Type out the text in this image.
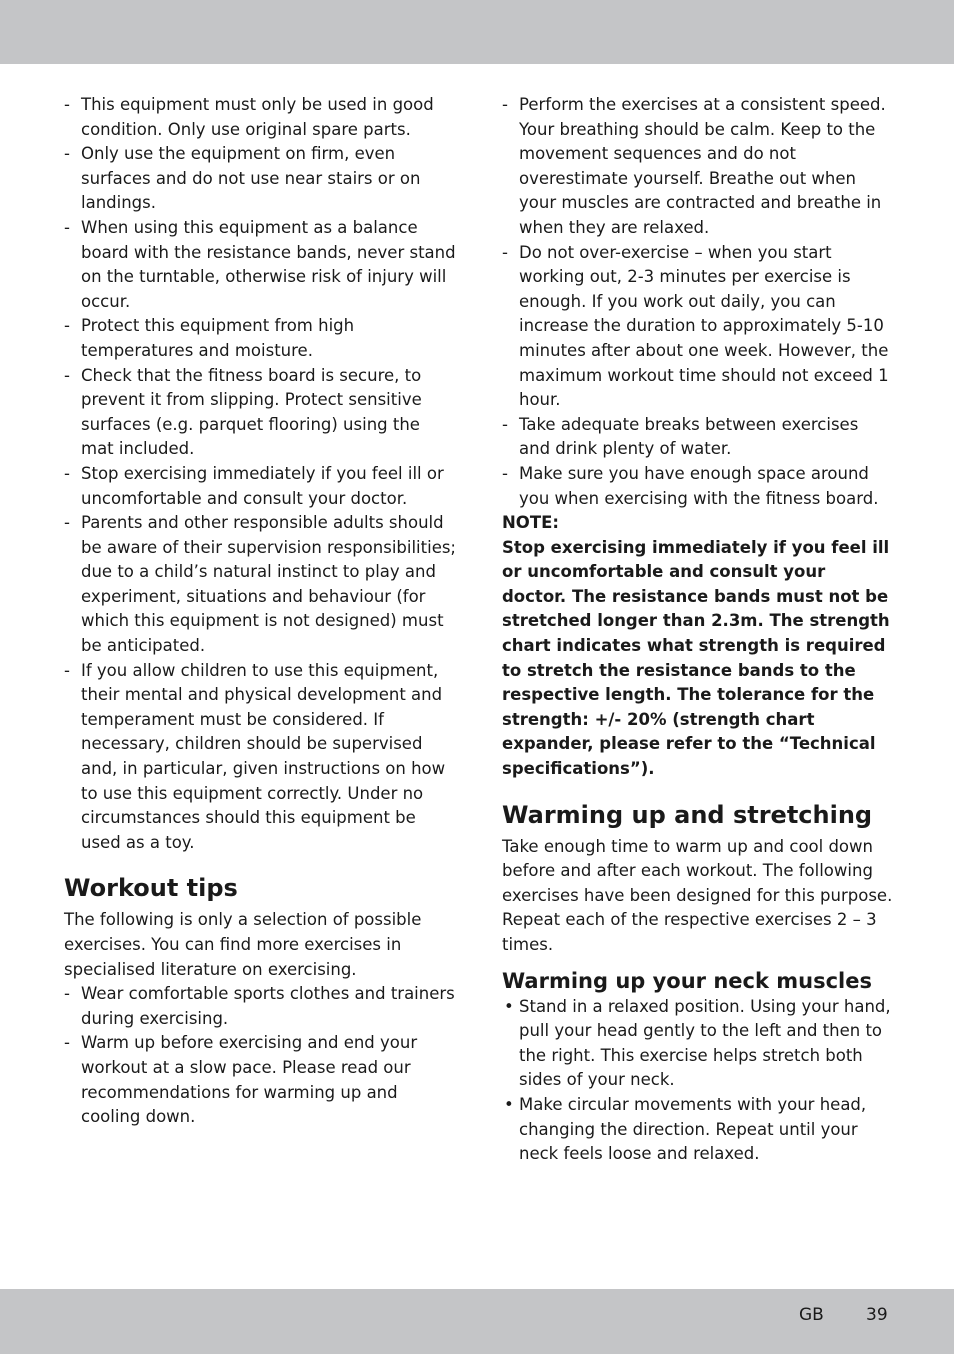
- This equipment must only be used in good condition. Only use original spare parts.
- Only use the equipment on firm, even surfaces and do not use near stairs or on landings.
- When using this equipment as a balance board with the resistance bands, never stand on the turntable, otherwise risk of injury will occur.
- Protect this equipment from high temperatures and moisture.
- Check that the fitness board is secure, to prevent it from slipping. Protect sensitive surfaces (e.g. parquet flooring) using the mat included.
- Stop exercising immediately if you feel ill or uncomfortable and consult your doctor.
- Parents and other responsible adults should be aware of their supervision responsibilities; due to a child’s natural instinct to play and experiment, situations and behaviour (for which this equipment is not designed) must be anticipated.
- If you allow children to use this equipment, their mental and physical development and temperament must be considered. If necessary, children should be supervised and, in particular, given instructions on how to use this equipment correctly. Under no circumstances should this equipment be used as a toy.
Workout tips

The following is only a selection of possible exercises. You can find more exercises in specialised literature on exercising.

- Wear comfortable sports clothes and trainers during exercising.
- Warm up before exercising and end your workout at a slow pace. Please read our recommendations for warming up and cooling down.
- Perform the exercises at a consistent speed. Your breathing should be calm. Keep to the movement sequences and do not overestimate yourself. Breathe out when your muscles are contracted and breathe in when they are relaxed.
- Do not over-exercise – when you start working out, 2-3 minutes per exercise is enough. If you work out daily, you can increase the duration to approximately 5-10 minutes after about one week. However, the maximum workout time should not exceed 1 hour.
- Take adequate breaks between exercises and drink plenty of water.
- Make sure you have enough space around you when exercising with the fitness board.

NOTE:

Stop exercising immediately if you feel ill or uncomfortable and consult your doctor. The resistance bands must not be stretched longer than 2.3m. The strength chart indicates what strength is required to stretch the resistance bands to the respective length. The tolerance for the strength: +/- 20% (strength chart expander, please refer to the “Technical specifications”).

Warming up and stretching

Take enough time to warm up and cool down before and after each workout. The following exercises have been designed for this purpose. Repeat each of the respective exercises 2 – 3 times.

Warming up your neck muscles
• Stand in a relaxed position. Using your hand, pull your head gently to the left and then to the right. This exercise helps stretch both sides of your neck.
• Make circular movements with your head, changing the direction. Repeat until your neck feels loose and relaxed.
GB 39
